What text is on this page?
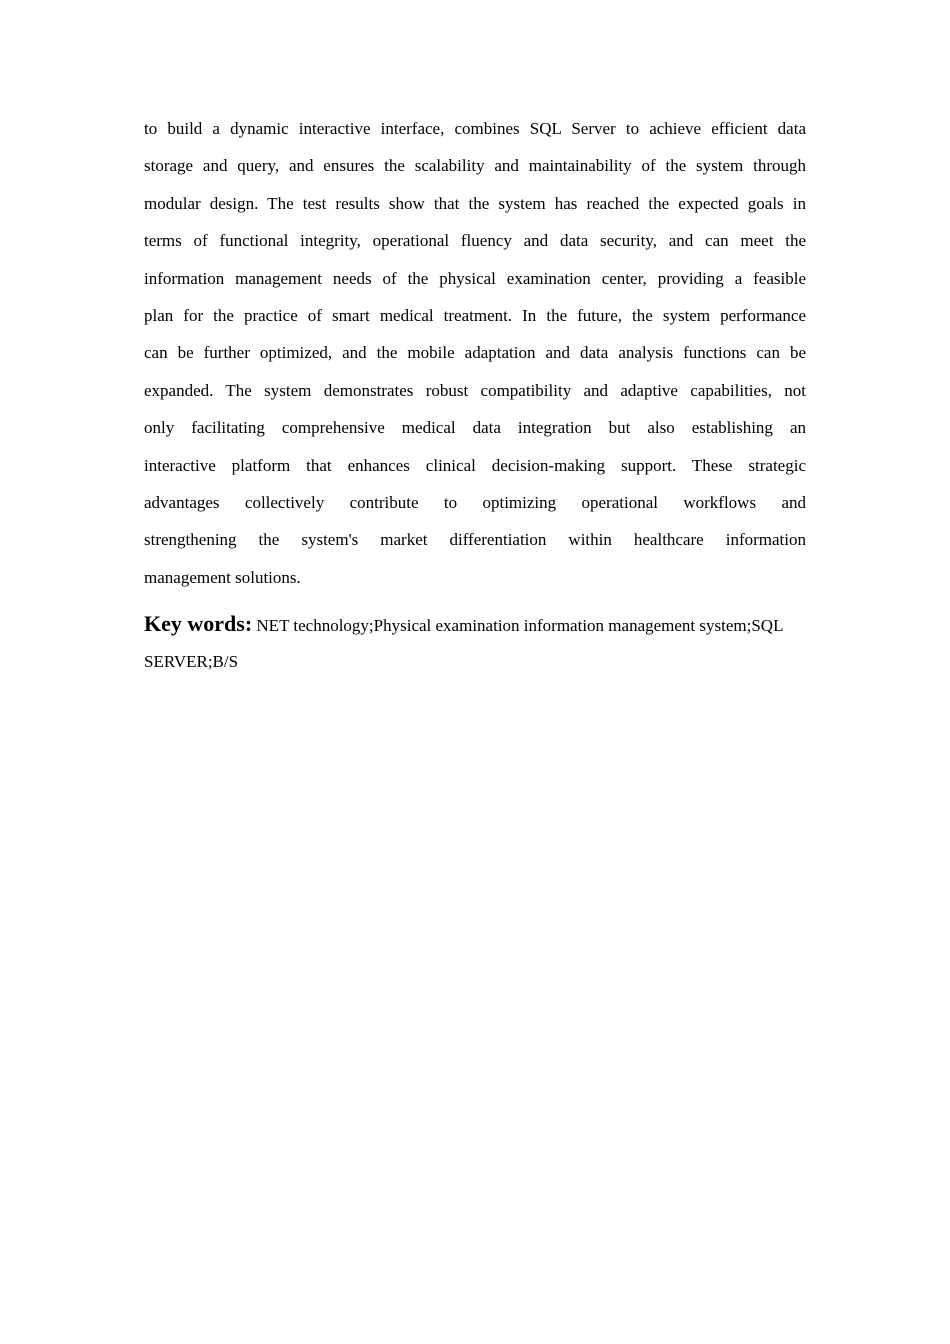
to build a dynamic interactive interface, combines SQL Server to achieve efficient data
storage and query, and ensures the scalability and maintainability of the system through
modular design. The test results show that the system has reached the expected goals in
terms of functional integrity, operational fluency and data security, and can meet the
information management needs of the physical examination center, providing a feasible
plan for the practice of smart medical treatment. In the future, the system performance
can be further optimized, and the mobile adaptation and data analysis functions can be
expanded. The system demonstrates robust compatibility and adaptive capabilities, not
only facilitating comprehensive medical data integration but also establishing an
interactive platform that enhances clinical decision-making support. These strategic
advantages collectively contribute to optimizing operational workflows and
strengthening the system's market differentiation within healthcare information
management solutions.
Key words: NET technology;Physical examination information management system;SQL SERVER;B/S
